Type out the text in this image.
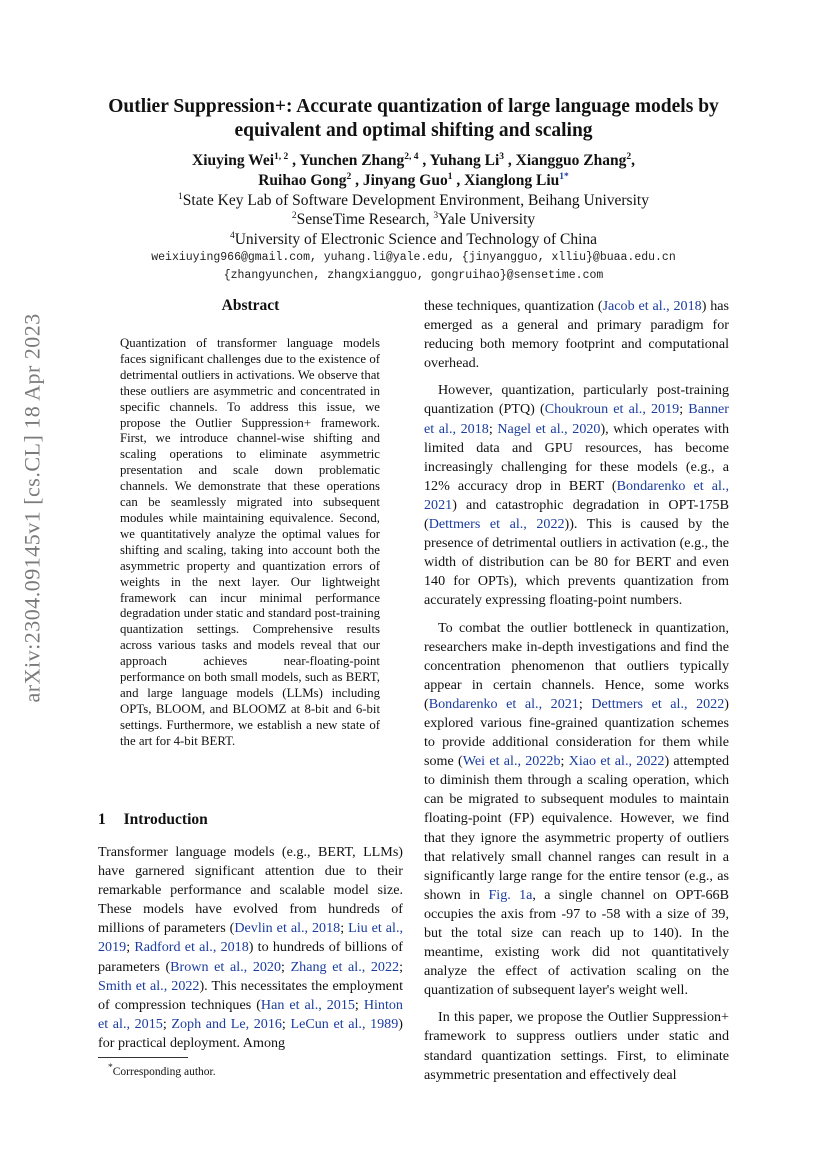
arXiv:2304.09145v1 [cs.CL] 18 Apr 2023
Outlier Suppression+: Accurate quantization of large language models by equivalent and optimal shifting and scaling
Xiuying Wei$^{1, 2}$ , Yunchen Zhang$^{2, 4}$ , Yuhang Li$^3$ , Xiangguo Zhang$^2$,
Ruihao Gong$^2$ , Jinyang Guo$^1$ , Xianglong Liu$^{1*}$
$^1$State Key Lab of Software Development Environment, Beihang University
$^2$SenseTime Research, $^3$Yale University
$^4$University of Electronic Science and Technology of China
weixiuying966@gmail.com, yuhang.li@yale.edu, {jinyangguo, xlliu}@buaa.edu.cn
{zhangyunchen, zhangxiangguo, gongruihao}@sensetime.com
Abstract

Quantization of transformer language models faces significant challenges due to the existence of detrimental outliers in activations. We observe that these outliers are asymmetric and concentrated in specific channels. To address this issue, we propose the Outlier Suppression+ framework. First, we introduce channel-wise shifting and scaling operations to eliminate asymmetric presentation and scale down problematic channels. We demonstrate that these operations can be seamlessly migrated into subsequent modules while maintaining equivalence. Second, we quantitatively analyze the optimal values for shifting and scaling, taking into account both the asymmetric property and quantization errors of weights in the next layer. Our lightweight framework can incur minimal performance degradation under static and standard post-training quantization settings. Comprehensive results across various tasks and models reveal that our approach achieves near-floating-point performance on both small models, such as BERT, and large language models (LLMs) including OPTs, BLOOM, and BLOOMZ at 8-bit and 6-bit settings. Furthermore, we establish a new state of the art for 4-bit BERT.

1 Introduction

Transformer language models (e.g., BERT, LLMs) have garnered significant attention due to their remarkable performance and scalable model size. These models have evolved from hundreds of millions of parameters (Devlin et al., 2018; Liu et al., 2019; Radford et al., 2018) to hundreds of billions of parameters (Brown et al., 2020; Zhang et al., 2022; Smith et al., 2022). This necessitates the employment of compression techniques (Han et al., 2015; Hinton et al., 2015; Zoph and Le, 2016; LeCun et al., 1989) for practical deployment. Among

these techniques, quantization (Jacob et al., 2018) has emerged as a general and primary paradigm for reducing both memory footprint and computational overhead.

However, quantization, particularly post-training quantization (PTQ) (Choukroun et al., 2019; Banner et al., 2018; Nagel et al., 2020), which operates with limited data and GPU resources, has become increasingly challenging for these models (e.g., a 12% accuracy drop in BERT (Bondarenko et al., 2021) and catastrophic degradation in OPT-175B (Dettmers et al., 2022)). This is caused by the presence of detrimental outliers in activation (e.g., the width of distribution can be 80 for BERT and even 140 for OPTs), which prevents quantization from accurately expressing floating-point numbers.

To combat the outlier bottleneck in quantization, researchers make in-depth investigations and find the concentration phenomenon that outliers typically appear in certain channels. Hence, some works (Bondarenko et al., 2021; Dettmers et al., 2022) explored various fine-grained quantization schemes to provide additional consideration for them while some (Wei et al., 2022b; Xiao et al., 2022) attempted to diminish them through a scaling operation, which can be migrated to subsequent modules to maintain floating-point (FP) equivalence. However, we find that they ignore the asymmetric property of outliers that relatively small channel ranges can result in a significantly large range for the entire tensor (e.g., as shown in Fig. 1a, a single channel on OPT-66B occupies the axis from -97 to -58 with a size of 39, but the total size can reach up to 140). In the meantime, existing work did not quantitatively analyze the effect of activation scaling on the quantization of subsequent layer's weight well.

In this paper, we propose the Outlier Suppression+ framework to suppress outliers under static and standard quantization settings. First, to eliminate asymmetric presentation and effectively deal

*Corresponding author.
